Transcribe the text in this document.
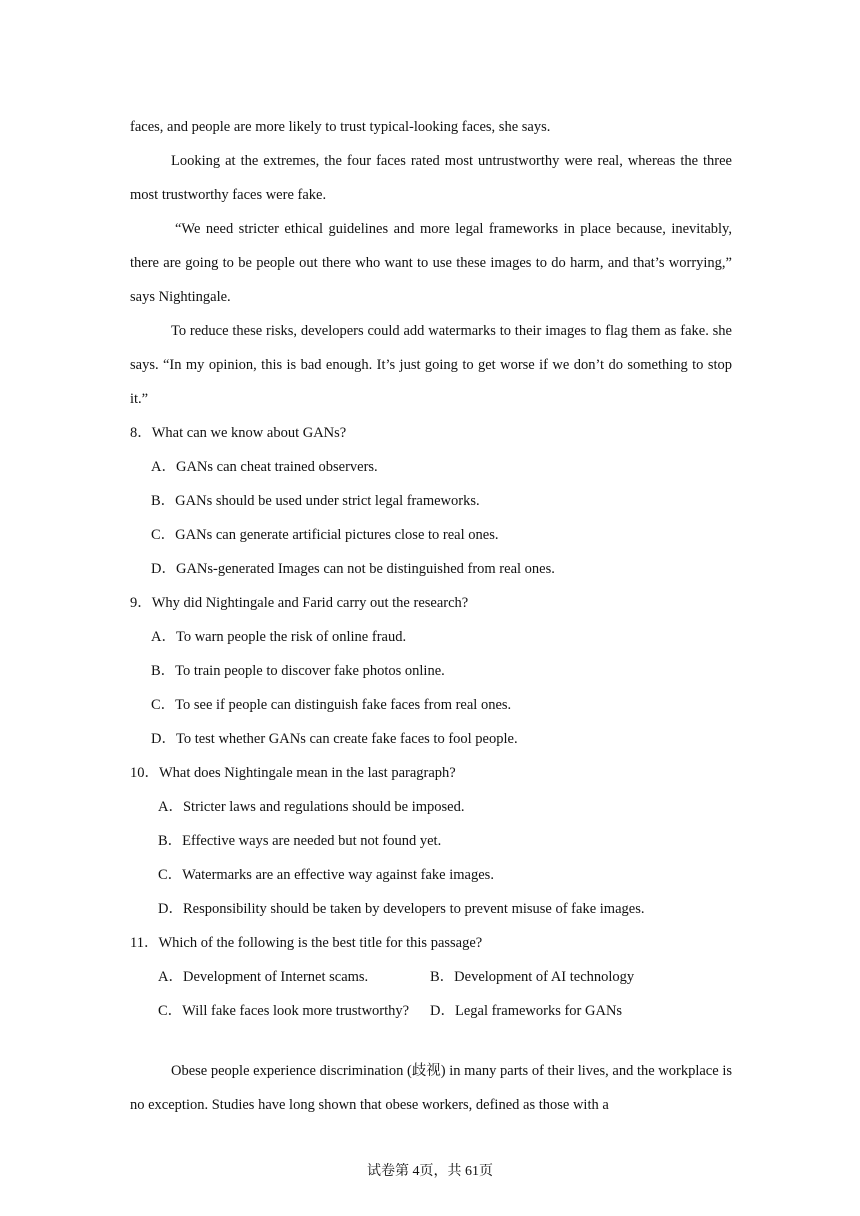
faces, and people are more likely to trust typical-looking faces, she says.

Looking at the extremes, the four faces rated most untrustworthy were real, whereas the three most trustworthy faces were fake.

“We need stricter ethical guidelines and more legal frameworks in place because, inevitably, there are going to be people out there who want to use these images to do harm, and that’s worrying,” says Nightingale.

To reduce these risks, developers could add watermarks to their images to flag them as fake. she says. “In my opinion, this is bad enough. It’s just going to get worse if we don’t do something to stop it.”

8．What can we know about GANs?

A．GANs can cheat trained observers.

B．GANs should be used under strict legal frameworks.

C．GANs can generate artificial pictures close to real ones.

D．GANs-generated Images can not be distinguished from real ones.

9．Why did Nightingale and Farid carry out the research?

A．To warn people the risk of online fraud.

B．To train people to discover fake photos online.

C．To see if people can distinguish fake faces from real ones.

D．To test whether GANs can create fake faces to fool people.

10．What does Nightingale mean in the last paragraph?

A．Stricter laws and regulations should be imposed.

B．Effective ways are needed but not found yet.

C．Watermarks are an effective way against fake images.

D．Responsibility should be taken by developers to prevent misuse of fake images.

11．Which of the following is the best title for this passage?

A．Development of Internet scams.	B．Development of AI technology
C．Will fake faces look more trustworthy?	D．Legal frameworks for GANs

Obese people experience discrimination (歧视) in many parts of their lives, and the workplace is no exception. Studies have long shown that obese workers, defined as those with a

试卷第 4页，共 61页
